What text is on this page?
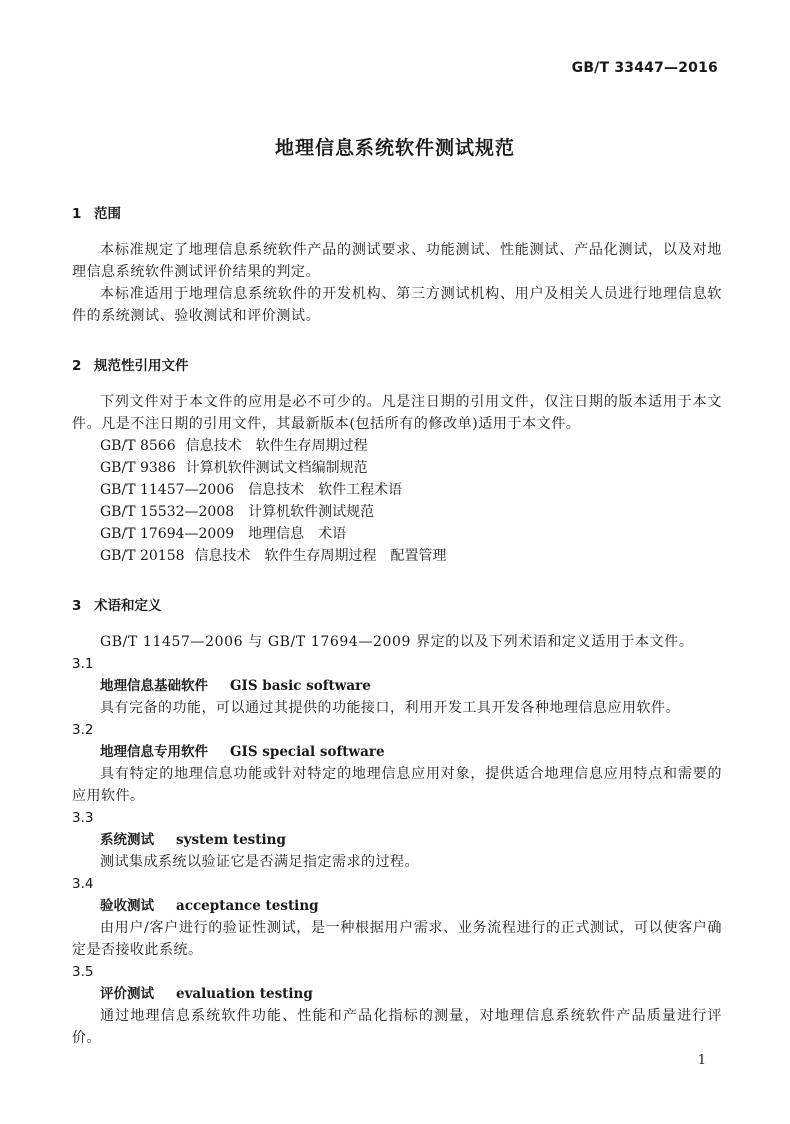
GB/T 33447—2016
地理信息系统软件测试规范
1 范围

本标准规定了地理信息系统软件产品的测试要求、功能测试、性能测试、产品化测试，以及对地理信息系统软件测试评价结果的判定。

本标准适用于地理信息系统软件的开发机构、第三方测试机构、用户及相关人员进行地理信息软件的系统测试、验收测试和评价测试。

2 规范性引用文件

下列文件对于本文件的应用是必不可少的。凡是注日期的引用文件，仅注日期的版本适用于本文件。凡是不注日期的引用文件，其最新版本(包括所有的修改单)适用于本文件。

GB/T 8566 信息技术　软件生存周期过程

GB/T 9386 计算机软件测试文档编制规范

GB/T 11457—2006 信息技术　软件工程术语

GB/T 15532—2008 计算机软件测试规范

GB/T 17694—2009 地理信息　术语

GB/T 20158 信息技术　软件生存周期过程　配置管理

3 术语和定义

GB/T 11457—2006 与 GB/T 17694—2009 界定的以及下列术语和定义适用于本文件。

3.1
地理信息基础软件 GIS basic software

具有完备的功能，可以通过其提供的功能接口，利用开发工具开发各种地理信息应用软件。

3.2
地理信息专用软件 GIS special software

具有特定的地理信息功能或针对特定的地理信息应用对象，提供适合地理信息应用特点和需要的应用软件。

3.3
系统测试 system testing

测试集成系统以验证它是否满足指定需求的过程。

3.4
验收测试 acceptance testing

由用户/客户进行的验证性测试，是一种根据用户需求、业务流程进行的正式测试，可以使客户确定是否接收此系统。

3.5
评价测试 evaluation testing

通过地理信息系统软件功能、性能和产品化指标的测量，对地理信息系统软件产品质量进行评价。

1
